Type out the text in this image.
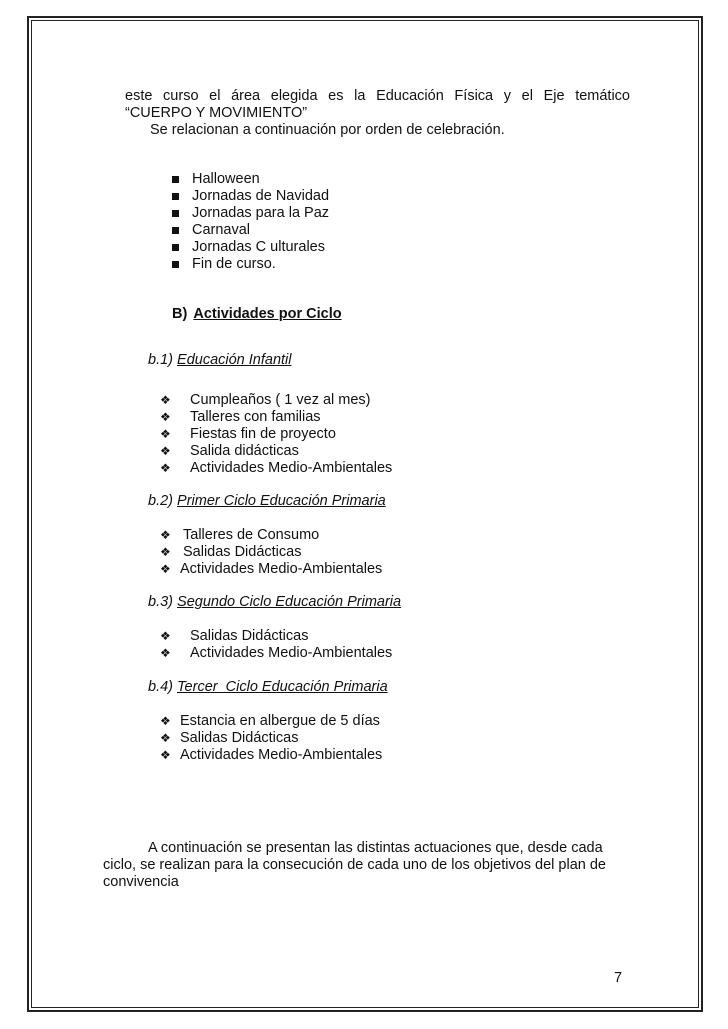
este curso el área elegida es la Educación Física y el Eje temático
“CUERPO Y MOVIMIENTO”
Se relacionan a continuación por orden de celebración.
Halloween
Jornadas de Navidad
Jornadas para la Paz
Carnaval
Jornadas C ulturales
Fin de curso.
B) Actividades por Ciclo
b.1) Educación Infantil
❖ Cumpleaños ( 1 vez al mes)
❖ Talleres con familias
❖ Fiestas fin de proyecto
❖ Salida didácticas
❖ Actividades Medio-Ambientales
b.2) Primer Ciclo Educación Primaria
❖ Talleres de Consumo
❖ Salidas Didácticas
❖ Actividades Medio-Ambientales
b.3) Segundo Ciclo Educación Primaria
❖ Salidas Didácticas
❖ Actividades Medio-Ambientales
b.4) Tercer  Ciclo Educación Primaria
❖ Estancia en albergue de 5 días
❖ Salidas Didácticas
❖ Actividades Medio-Ambientales
A continuación se presentan las distintas actuaciones que, desde cada
ciclo, se realizan para la consecución de cada uno de los objetivos del plan de
convivencia
7
